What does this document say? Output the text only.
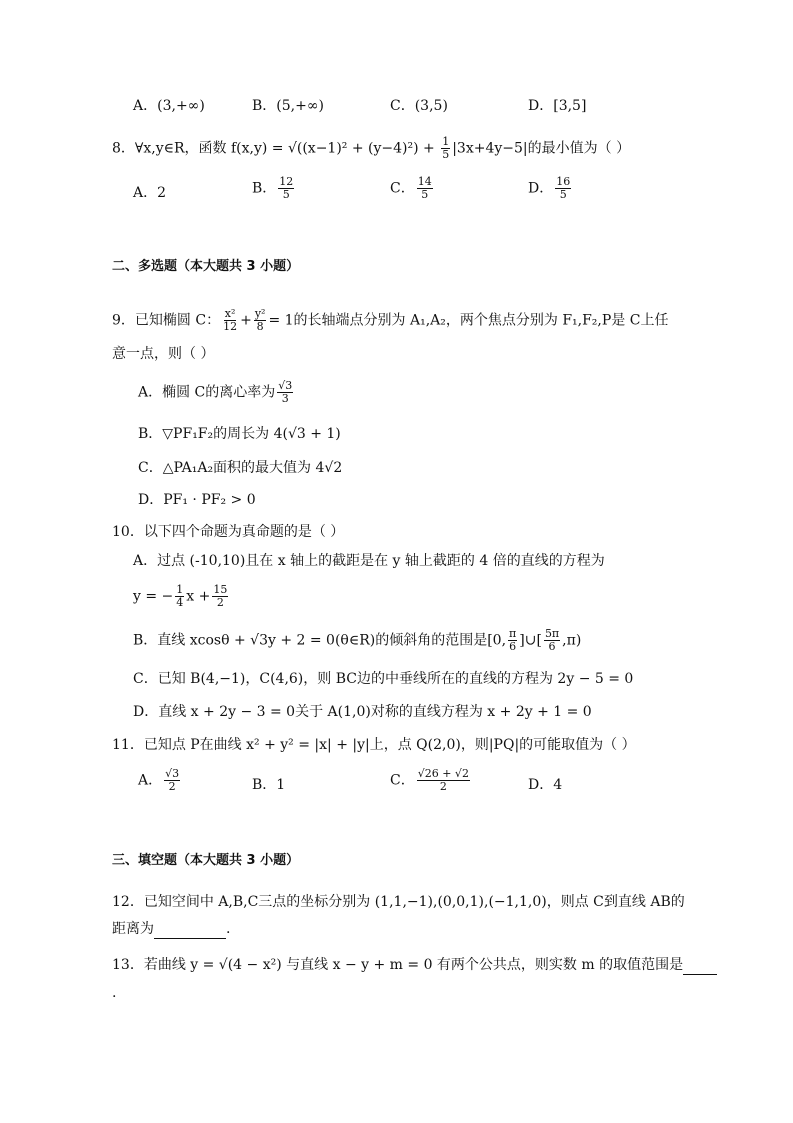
A．(3,+∞)	B．(5,+∞)	C．(3,5)	D．[3,5]
8．∀x,y∈R，函数 $f(x,y) = √((x-1)^2 + (y-4)^2) + \frac{1}{5} |3x+4y-5|$的最小值为（ ）
A．2	B． $\frac{12}{5}$	C． $\frac{14}{5}$	D． $\frac{16}{5}$
二、多选题（本大题共 3 小题）
9．已知椭圆 C： $\frac{\text{x²}}{12} + \frac{\text{y²}}{8} = 1$的长轴端点分别为 A₁,A₂，两个焦点分别为 F₁,F₂,P是 C上任
意一点，则（ ）
A．椭圆 C的离心率为 $\frac{√3}{3}$
B．▽PF₁F₂的周长为 4(√3 + 1)
C．△PA₁A₂面积的最大值为 4√2
D．PF₁ · PF₂ > 0
10．以下四个命题为真命题的是（ ）
A．过点 (-10,10)且在 x 轴上的截距是在 y 轴上截距的 4 倍的直线的方程为
y = − $\frac{1}{4}$ $x + \frac{15}{2}$
B．直线 xcosθ + √3y + 2 = 0(θ∈R)的倾斜角的范围是[0, $\frac{\pi}{6}$ ]∪[ $\frac{5\pi}{6} ,\pi$)
C．已知 B(4,−1)，C(4,6)，则 BC边的中垂线所在的直线的方程为 2y − 5 = 0
D．直线 x + 2y − 3 = 0关于 A(1,0)对称的直线方程为 x + 2y + 1 = 0
11．已知点 P在曲线 x² + y² = |x| + |y|上，点 Q(2,0)，则|PQ|的可能取值为（ ）
A． $\frac{√3}{2}$	B．1	C． $\frac{√26 + √2}{2}$	D．4
三、填空题（本大题共 3 小题）
12．已知空间中 A,B,C三点的坐标分别为 (1,1,−1),(0,0,1),(−1,1,0)，则点 C到直线 AB的
距离为	.
13．若曲线 y = √(4 − x²) 与直线 x − y + m = 0 有两个公共点，则实数 m 的取值范围是
.
